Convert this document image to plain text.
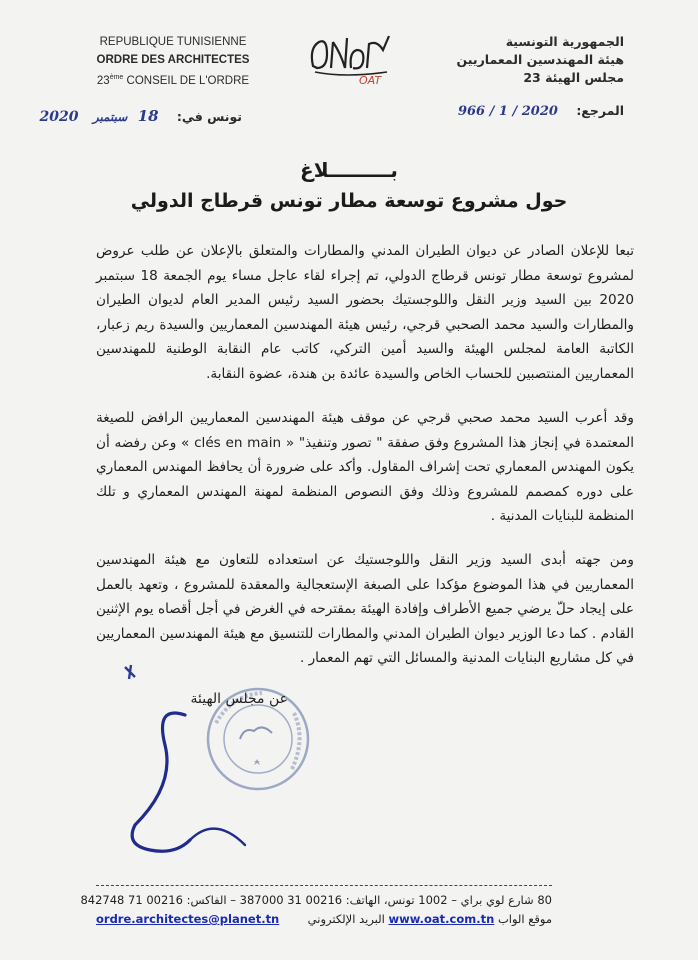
REPUBLIQUE TUNISIENNE
ORDRE DES ARCHITECTES
23ème CONSEIL DE L'ORDRE	OAT
الجمهورية التونسية
هيئة المهندسين المعماريين
مجلس الهيئة 23
المرجع: 2020 / 1 / 966
تونس في: 18 سبتمبر 2020
بـــــــــلاغ
حول مشروع توسعة مطار تونس قرطاج الدولي
تبعا للإعلان الصادر عن ديوان الطيران المدني والمطارات والمتعلق بالإعلان عن طلب عروض لمشروع توسعة مطار تونس قرطاج الدولي، تم إجراء لقاء عاجل مساء يوم الجمعة 18 سبتمبر 2020 بين السيد وزير النقل واللوجستيك بحضور السيد رئيس المدير العام لديوان الطيران والمطارات والسيد محمد الصحبي قرجي، رئيس هيئة المهندسين المعماريين والسيدة ريم زعبار، الكاتبة العامة لمجلس الهيئة والسيد أمين التركي، كاتب عام النقابة الوطنية للمهندسين المعماريين المنتصبين للحساب الخاص والسيدة عائدة بن هندة، عضوة النقابة.
وقد أعرب السيد محمد صحبي قرجي عن موقف هيئة المهندسين المعماريين الرافض للصيغة المعتمدة في إنجاز هذا المشروع وفق صفقة " تصور وتنفيذ" « clés en main » وعن رفضه أن يكون المهندس المعماري تحت إشراف المقاول. وأكد على ضرورة أن يحافظ المهندس المعماري على دوره كمصمم للمشروع وذلك وفق النصوص المنظمة لمهنة المهندس المعماري و تلك المنظمة للبنايات المدنية .
ومن جهته أبدى السيد وزير النقل واللوجستيك عن استعداده للتعاون مع هيئة المهندسين المعماريين في هذا الموضوع مؤكدا على الصبغة الإستعجالية والمعقدة للمشروع ، وتعهد بالعمل على إيجاد حلّ يرضي جميع الأطراف وإفادة الهيئة بمقترحه في الغرض في أجل أقصاه يوم الإثنين القادم . كما دعا الوزير ديوان الطيران المدني والمطارات للتنسيق مع هيئة المهندسين المعماريين في كل مشاريع البنايات المدنية والمسائل التي تهم المعمار .
عن مجلس الهيئة
80 شارع لوي براي – 1002 تونس، الهاتف: 00216 31 387000 – الفاكس: 00216 71 842748
ordre.architectes@planet.tn	موقع الواب www.oat.com.tn البريد الإلكتروني
